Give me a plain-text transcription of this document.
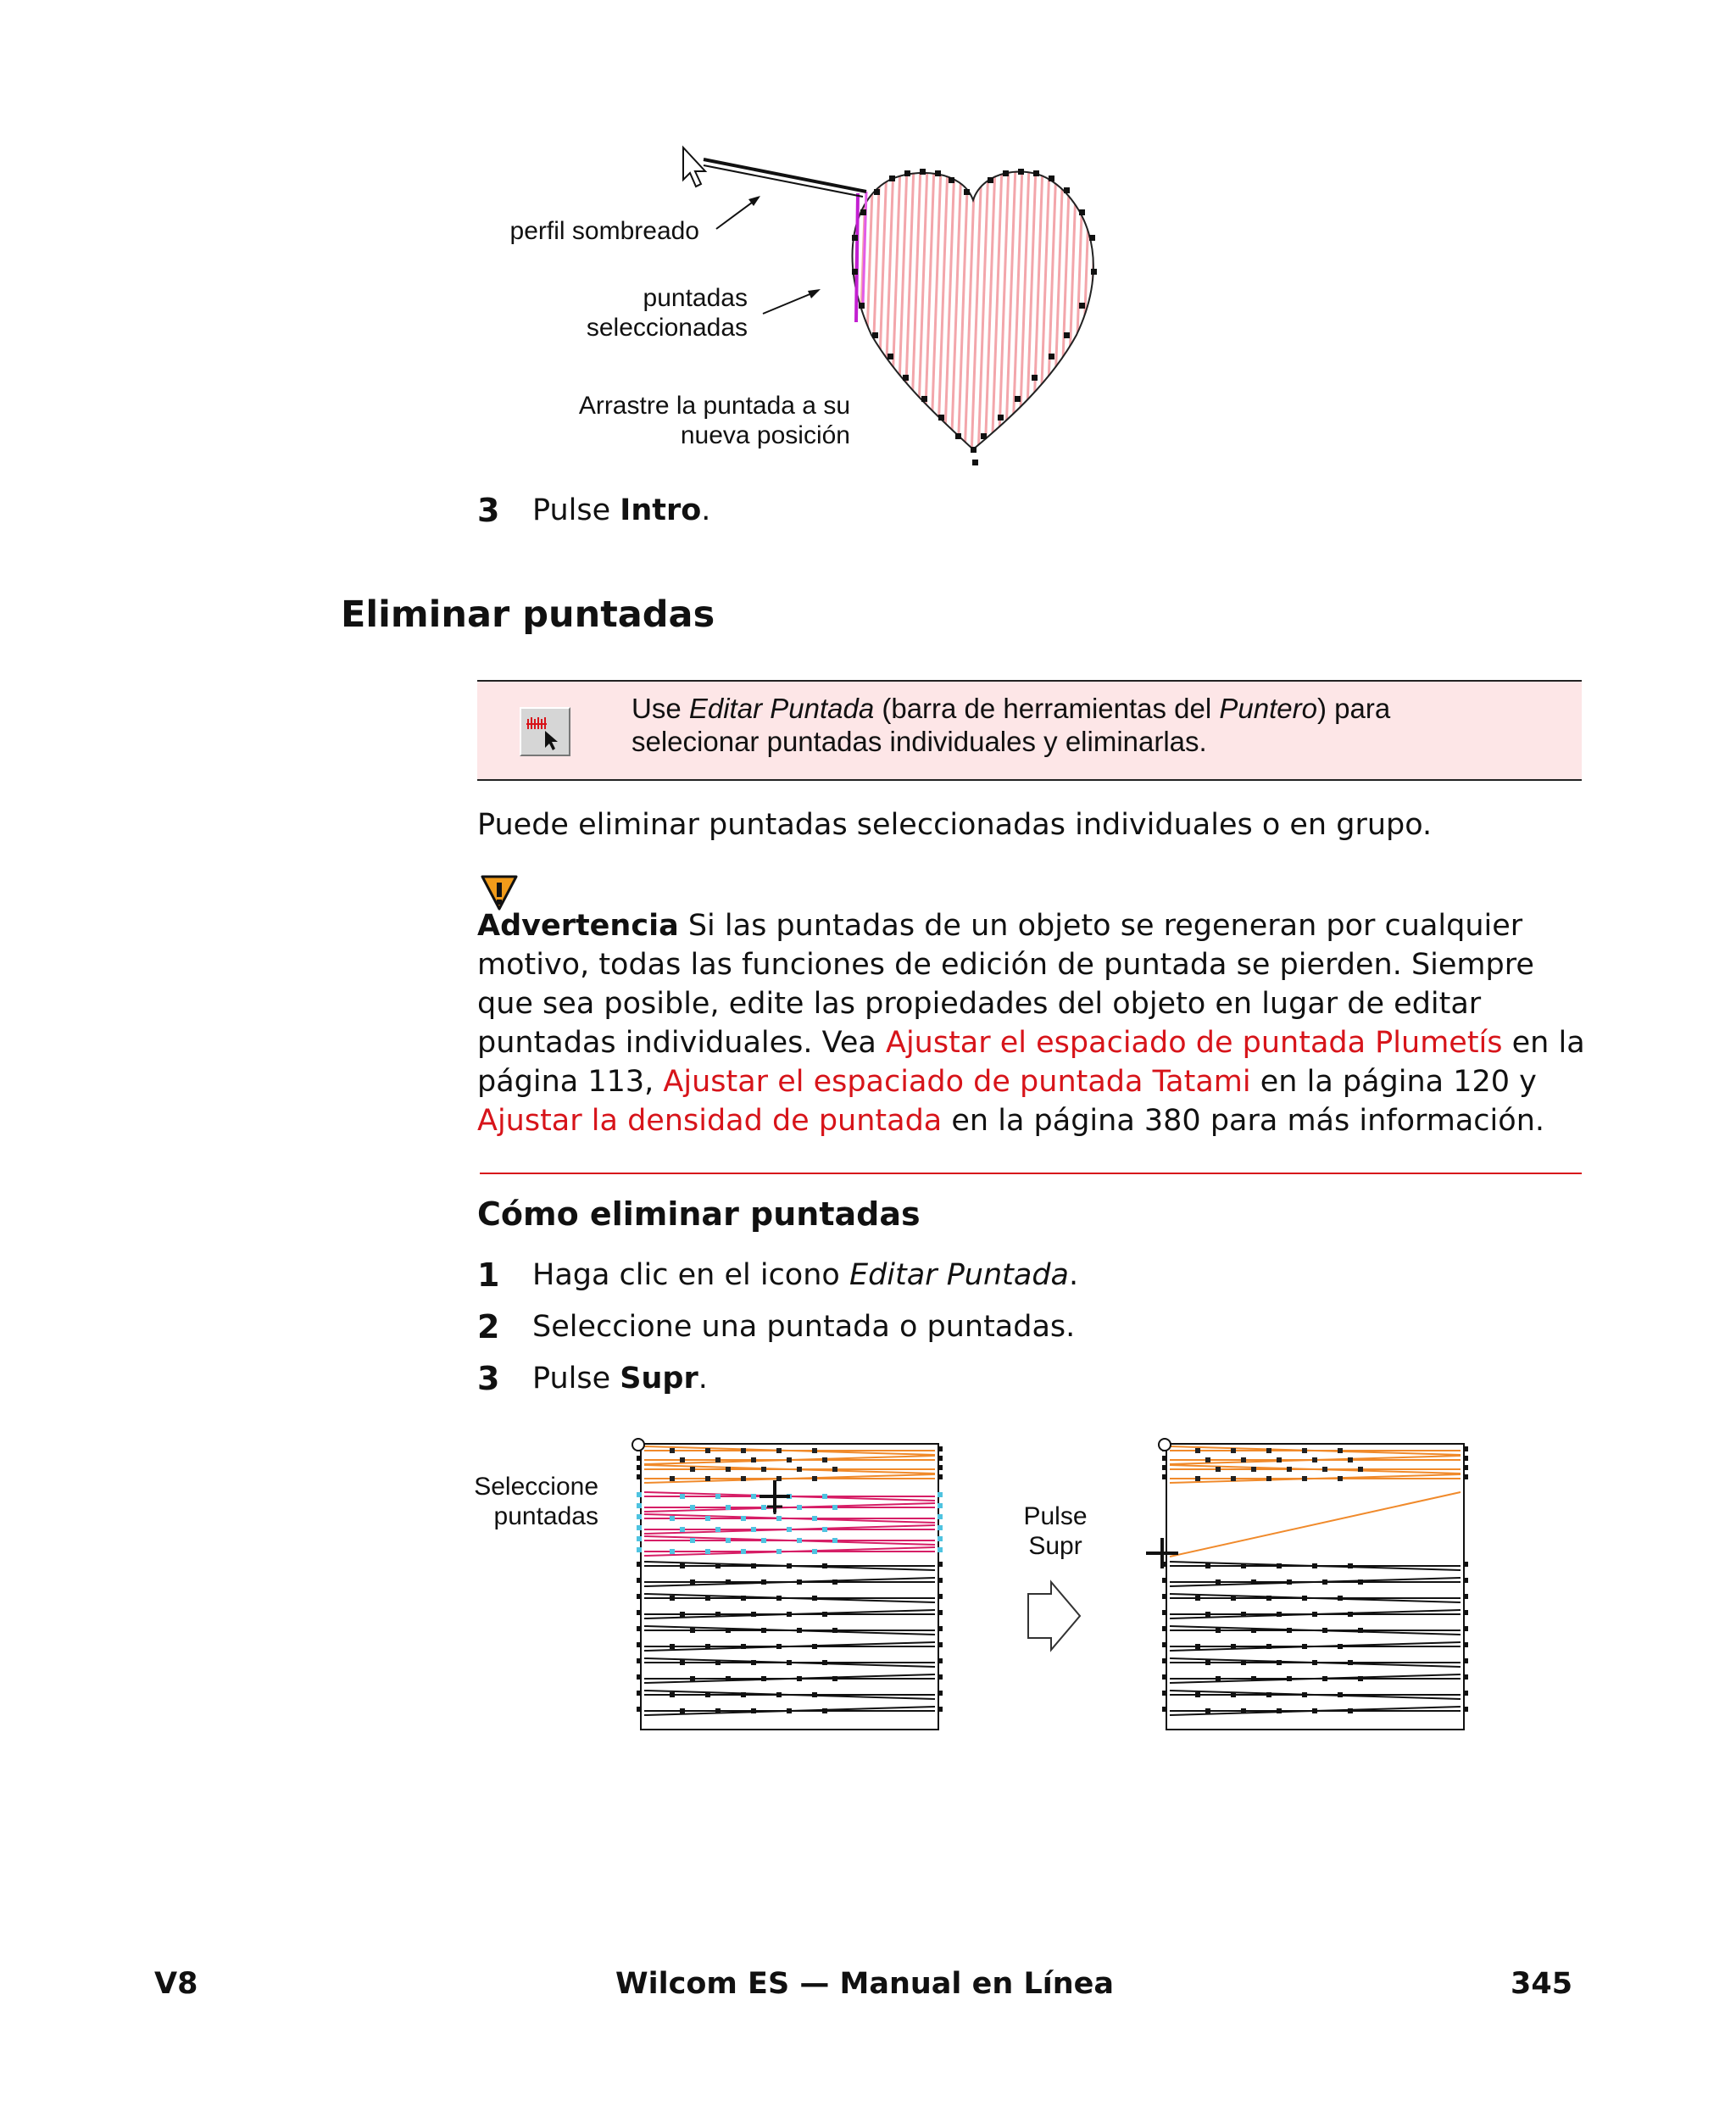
perfil sombreado
puntadas
seleccionadas
Arrastre la puntada a su
nueva posición
3 Pulse Intro.
Eliminar puntadas
Use Editar Puntada (barra de herramientas del Puntero) para
selecionar puntadas individuales y eliminarlas.
Puede eliminar puntadas seleccionadas individuales o en grupo.
Advertencia Si las puntadas de un objeto se regeneran por cualquier motivo, todas las funciones de edición de puntada se pierden. Siempre que sea posible, edite las propiedades del objeto en lugar de editar puntadas individuales. Vea Ajustar el espaciado de puntada Plumetís en la página 113, Ajustar el espaciado de puntada Tatami en la página 120 y Ajustar la densidad de puntada en la página 380 para más información.
Cómo eliminar puntadas
1 Haga clic en el icono Editar Puntada.
2 Seleccione una puntada o puntadas.
3 Pulse Supr.
Seleccione
puntadas	Pulse
Supr
V8	Wilcom ES — Manual en Línea	345
